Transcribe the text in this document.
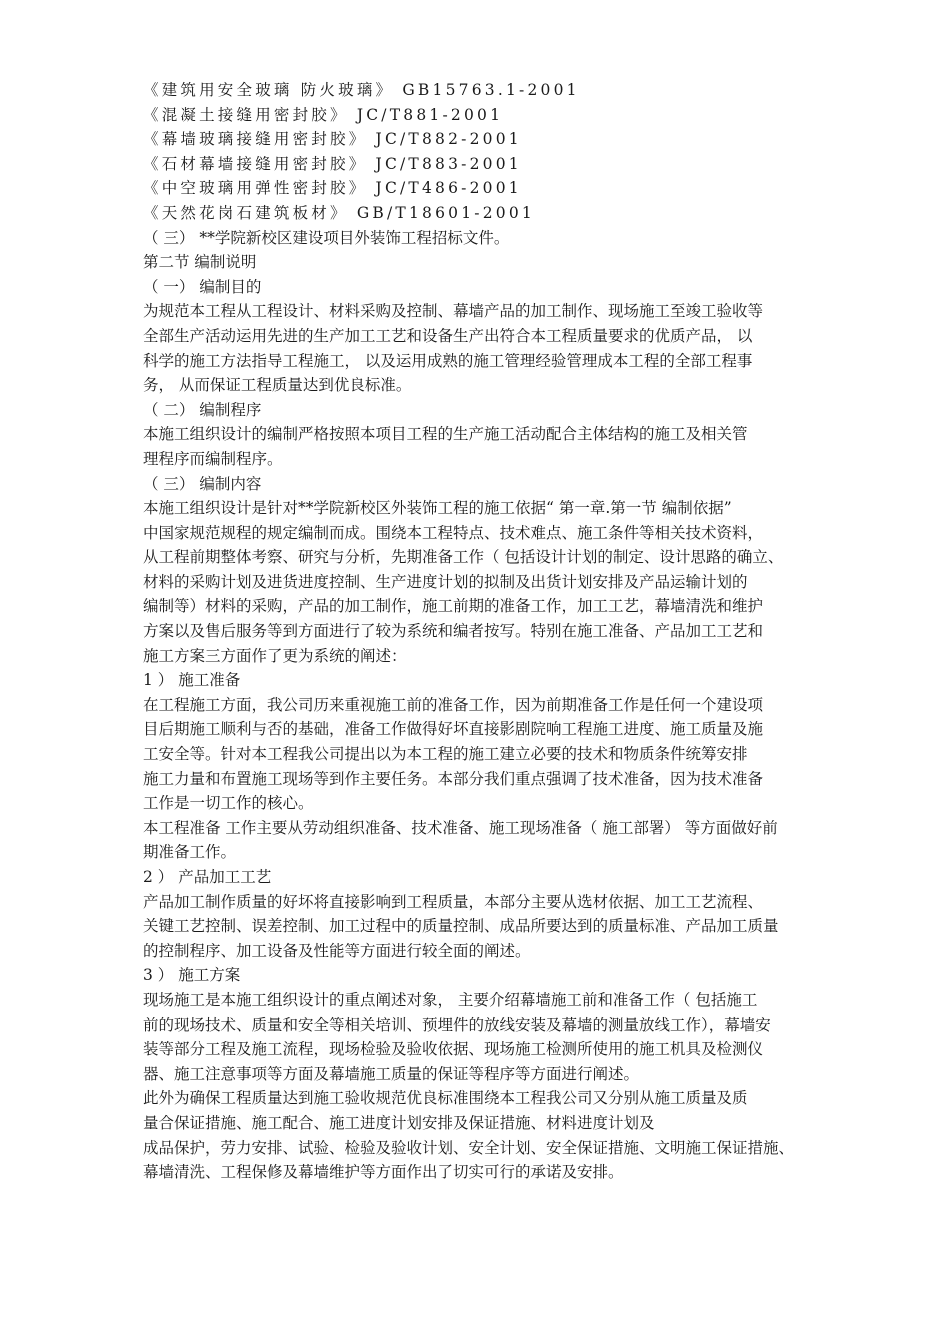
《建筑用安全玻璃 防火玻璃》 GB15763.1-2001

《混凝土接缝用密封胶》 JC/T881-2001

《幕墙玻璃接缝用密封胶》 JC/T882-2001

《石材幕墙接缝用密封胶》 JC/T883-2001

《中空玻璃用弹性密封胶》 JC/T486-2001

《天然花岗石建筑板材》 GB/T18601-2001

（ 三） **学院新校区建设项目外装饰工程招标文件。

第二节 编制说明

（ 一） 编制目的

为规范本工程从工程设计、材料采购及控制、幕墙产品的加工制作、现场施工至竣工验收等

全部生产活动运用先进的生产加工工艺和设备生产出符合本工程质量要求的优质产品， 以

科学的施工方法指导工程施工， 以及运用成熟的施工管理经验管理成本工程的全部工程事

务， 从而保证工程质量达到优良标准。

（ 二） 编制程序

本施工组织设计的编制严格按照本项目工程的生产施工活动配合主体结构的施工及相关管

理程序而编制程序。

（ 三） 编制内容

本施工组织设计是针对**学院新校区外装饰工程的施工依据“ 第一章.第一节 编制依据”

中国家规范规程的规定编制而成。围绕本工程特点、技术难点、施工条件等相关技术资料，

从工程前期整体考察、研究与分析，先期准备工作（ 包括设计计划的制定、设计思路的确立、

材料的采购计划及进货进度控制、生产进度计划的拟制及出货计划安排及产品运输计划的

编制等）材料的采购，产品的加工制作，施工前期的准备工作，加工工艺，幕墙清洗和维护

方案以及售后服务等到方面进行了较为系统和编者按写。特别在施工准备、产品加工工艺和

施工方案三方面作了更为系统的阐述：

1 ） 施工准备

在工程施工方面，我公司历来重视施工前的准备工作，因为前期准备工作是任何一个建设项

目后期施工顺利与否的基础，准备工作做得好坏直接影剧院响工程施工进度、施工质量及施

工安全等。针对本工程我公司提出以为本工程的施工建立必要的技术和物质条件统筹安排

施工力量和布置施工现场等到作主要任务。本部分我们重点强调了技术准备，因为技术准备

工作是一切工作的核心。

本工程准备 工作主要从劳动组织准备、技术准备、施工现场准备（ 施工部署） 等方面做好前

期准备工作。

2 ） 产品加工工艺

产品加工制作质量的好坏将直接影响到工程质量，本部分主要从选材依据、加工工艺流程、

关键工艺控制、误差控制、加工过程中的质量控制、成品所要达到的质量标准、产品加工质量

的控制程序、加工设备及性能等方面进行较全面的阐述。

3 ） 施工方案

现场施工是本施工组织设计的重点阐述对象， 主要介绍幕墙施工前和准备工作（ 包括施工

前的现场技术、质量和安全等相关培训、预埋件的放线安装及幕墙的测量放线工作），幕墙安

装等部分工程及施工流程，现场检验及验收依据、现场施工检测所使用的施工机具及检测仪

器、施工注意事项等方面及幕墙施工质量的保证等程序等方面进行阐述。

此外为确保工程质量达到施工验收规范优良标准围绕本工程我公司又分别从施工质量及质

量合保证措施、施工配合、施工进度计划安排及保证措施、材料进度计划及

成品保护，劳力安排、试验、检验及验收计划、安全计划、安全保证措施、文明施工保证措施、

幕墙清洗、工程保修及幕墙维护等方面作出了切实可行的承诺及安排。
